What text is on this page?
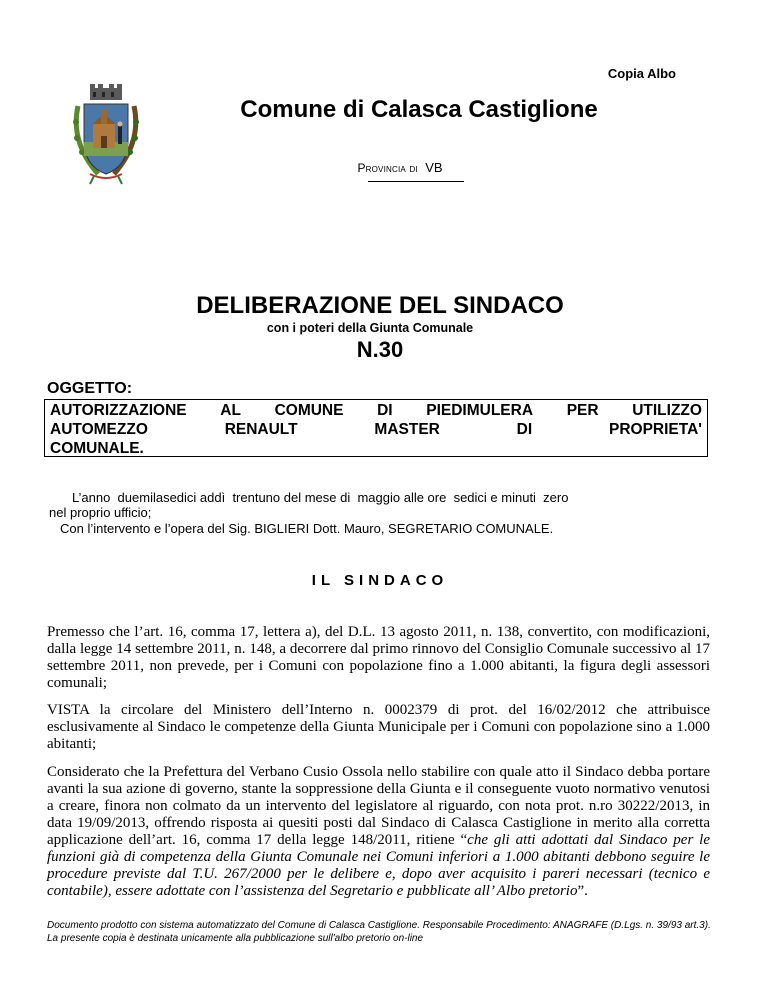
Copia Albo
Comune di Calasca Castiglione
Provincia di VB
DELIBERAZIONE DEL SINDACO
con i poteri della Giunta Comunale
N.30
OGGETTO:
AUTORIZZAZIONE AL COMUNE DI PIEDIMULERA PER UTILIZZO
AUTOMEZZO	RENAULT	MASTER	DI	PROPRIETA'
COMUNALE.
L’anno  duemilasedici addì  trentuno del mese di  maggio alle ore  sedici e minuti  zero
nel proprio ufficio;
Con l’intervento e l’opera del Sig. BIGLIERI Dott. Mauro, SEGRETARIO COMUNALE.
IL SINDACO
Premesso che l’art. 16, comma 17, lettera a), del D.L. 13 agosto 2011, n. 138, convertito, con modificazioni, dalla legge 14 settembre 2011, n. 148, a decorrere dal primo rinnovo del Consiglio Comunale successivo al 17 settembre 2011, non prevede, per i Comuni con popolazione fino a 1.000 abitanti, la figura degli assessori comunali;
VISTA la circolare del Ministero dell’Interno n. 0002379 di prot. del 16/02/2012 che attribuisce esclusivamente al Sindaco le competenze della Giunta Municipale per i Comuni con popolazione sino a 1.000 abitanti;
Considerato che la Prefettura del Verbano Cusio Ossola nello stabilire con quale atto il Sindaco debba portare avanti la sua azione di governo, stante la soppressione della Giunta e il conseguente vuoto normativo venutosi a creare, finora non colmato da un intervento del legislatore al riguardo, con nota prot. n.ro 30222/2013, in data 19/09/2013, offrendo risposta ai quesiti posti dal Sindaco di Calasca Castiglione in merito alla corretta applicazione dell’art. 16, comma 17 della legge 148/2011, ritiene “che gli atti adottati dal Sindaco per le funzioni già di competenza della Giunta Comunale nei Comuni inferiori a 1.000 abitanti debbono seguire le procedure previste dal T.U. 267/2000 per le delibere e, dopo aver acquisito i pareri necessari (tecnico e contabile), essere adottate con l’assistenza del Segretario e pubblicate all’ Albo pretorio”.
Documento prodotto con sistema automatizzato del Comune di Calasca Castiglione. Responsabile Procedimento: ANAGRAFE (D.Lgs. n. 39/93 art.3). La presente copia è destinata unicamente alla pubblicazione sull'albo pretorio on-line
